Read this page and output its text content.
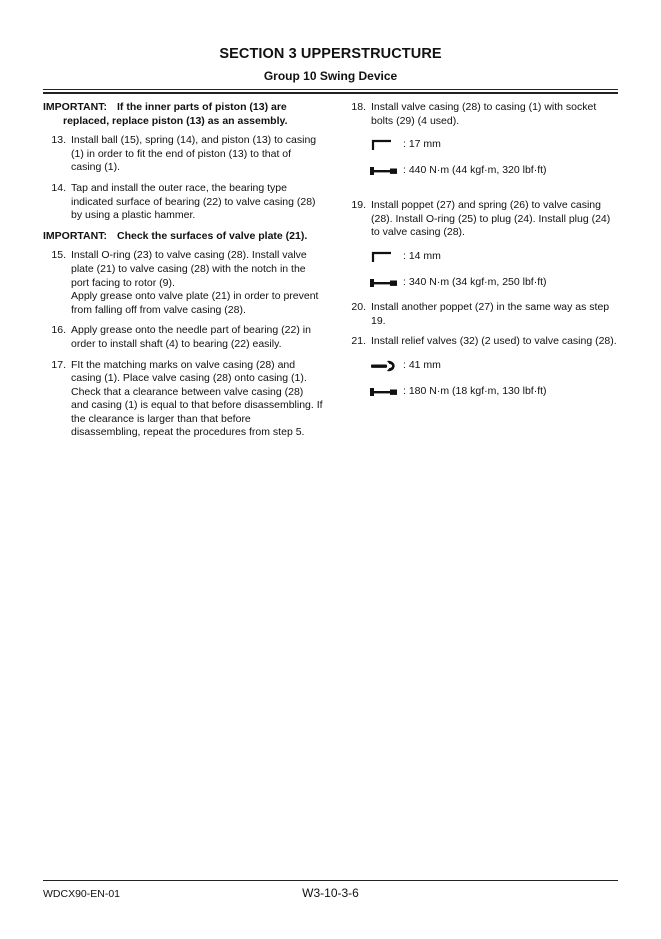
SECTION 3 UPPERSTRUCTURE
Group 10 Swing Device
IMPORTANT: If the inner parts of piston (13) are
replaced, replace piston (13) as an assembly.
13. Install ball (15), spring (14), and piston (13) to casing (1) in order to fit the end of piston (13) to that of casing (1).

14. Tap and install the outer race, the bearing type indicated surface of bearing (22) to valve casing (28) by using a plastic hammer.

IMPORTANT: Check the surfaces of valve plate (21).
15. Install O-ring (23) to valve casing (28). Install valve plate (21) to valve casing (28) with the notch in the port facing to rotor (9).

Apply grease onto valve plate (21) in order to prevent from falling off from valve casing (28).

16. Apply grease onto the needle part of bearing (22) in order to install shaft (4) to bearing (22) easily.

17. FIt the matching marks on valve casing (28) and casing (1). Place valve casing (28) onto casing (1). Check that a clearance between valve casing (28) and casing (1) is equal to that before disassembling. If the clearance is larger than that before disassembling, repeat the procedures from step 5.

18. Install valve casing (28) to casing (1) with socket bolts (29) (4 used).

: 17 mm
: 440 N·m (44 kgf·m, 320 lbf·ft)
19. Install poppet (27) and spring (26) to valve casing (28). Install O-ring (25) to plug (24). Install plug (24) to valve casing (28).

: 14 mm
: 340 N·m (34 kgf·m, 250 lbf·ft)
20. Install another poppet (27) in the same way as step 19.

21. Install relief valves (32) (2 used) to valve casing (28).

: 41 mm
: 180 N·m (18 kgf·m, 130 lbf·ft)
WDCX90-EN-01	W3-10-3-6
